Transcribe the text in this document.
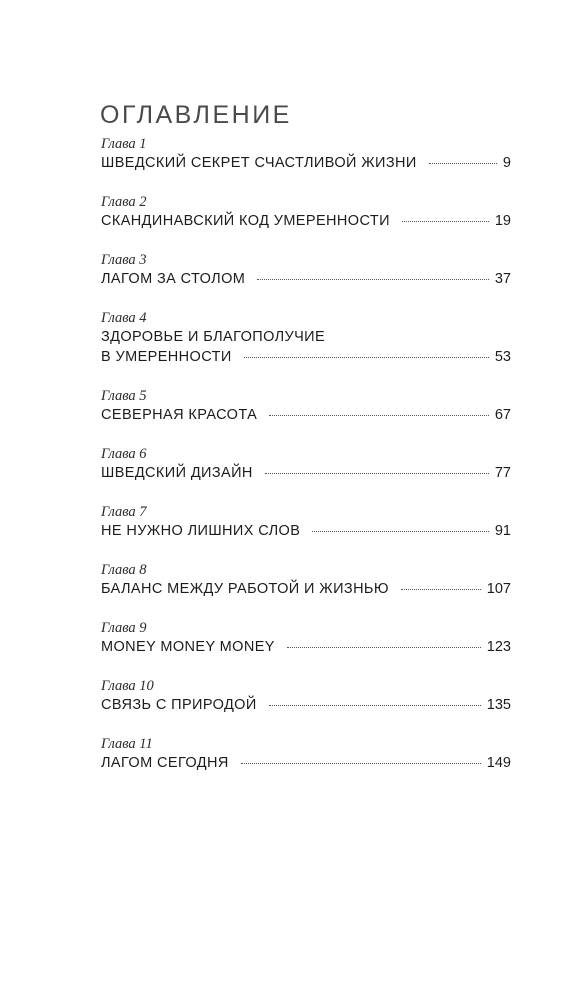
ОГЛАВЛЕНИЕ
Глава 1
ШВЕДСКИЙ СЕКРЕТ СЧАСТЛИВОЙ ЖИЗНИ	9
Глава 2
СКАНДИНАВСКИЙ КОД УМЕРЕННОСТИ	19
Глава 3
ЛАГОМ ЗА СТОЛОМ	37
Глава 4
ЗДОРОВЬЕ И БЛАГОПОЛУЧИЕ
В УМЕРЕННОСТИ	53
Глава 5
СЕВЕРНАЯ КРАСОТА	67
Глава 6
ШВЕДСКИЙ ДИЗАЙН	77
Глава 7
НЕ НУЖНО ЛИШНИХ СЛОВ	91
Глава 8
БАЛАНС МЕЖДУ РАБОТОЙ И ЖИЗНЬЮ	107
Глава 9
MONEY MONEY MONEY	123
Глава 10
СВЯЗЬ С ПРИРОДОЙ	135
Глава 11
ЛАГОМ СЕГОДНЯ	149
